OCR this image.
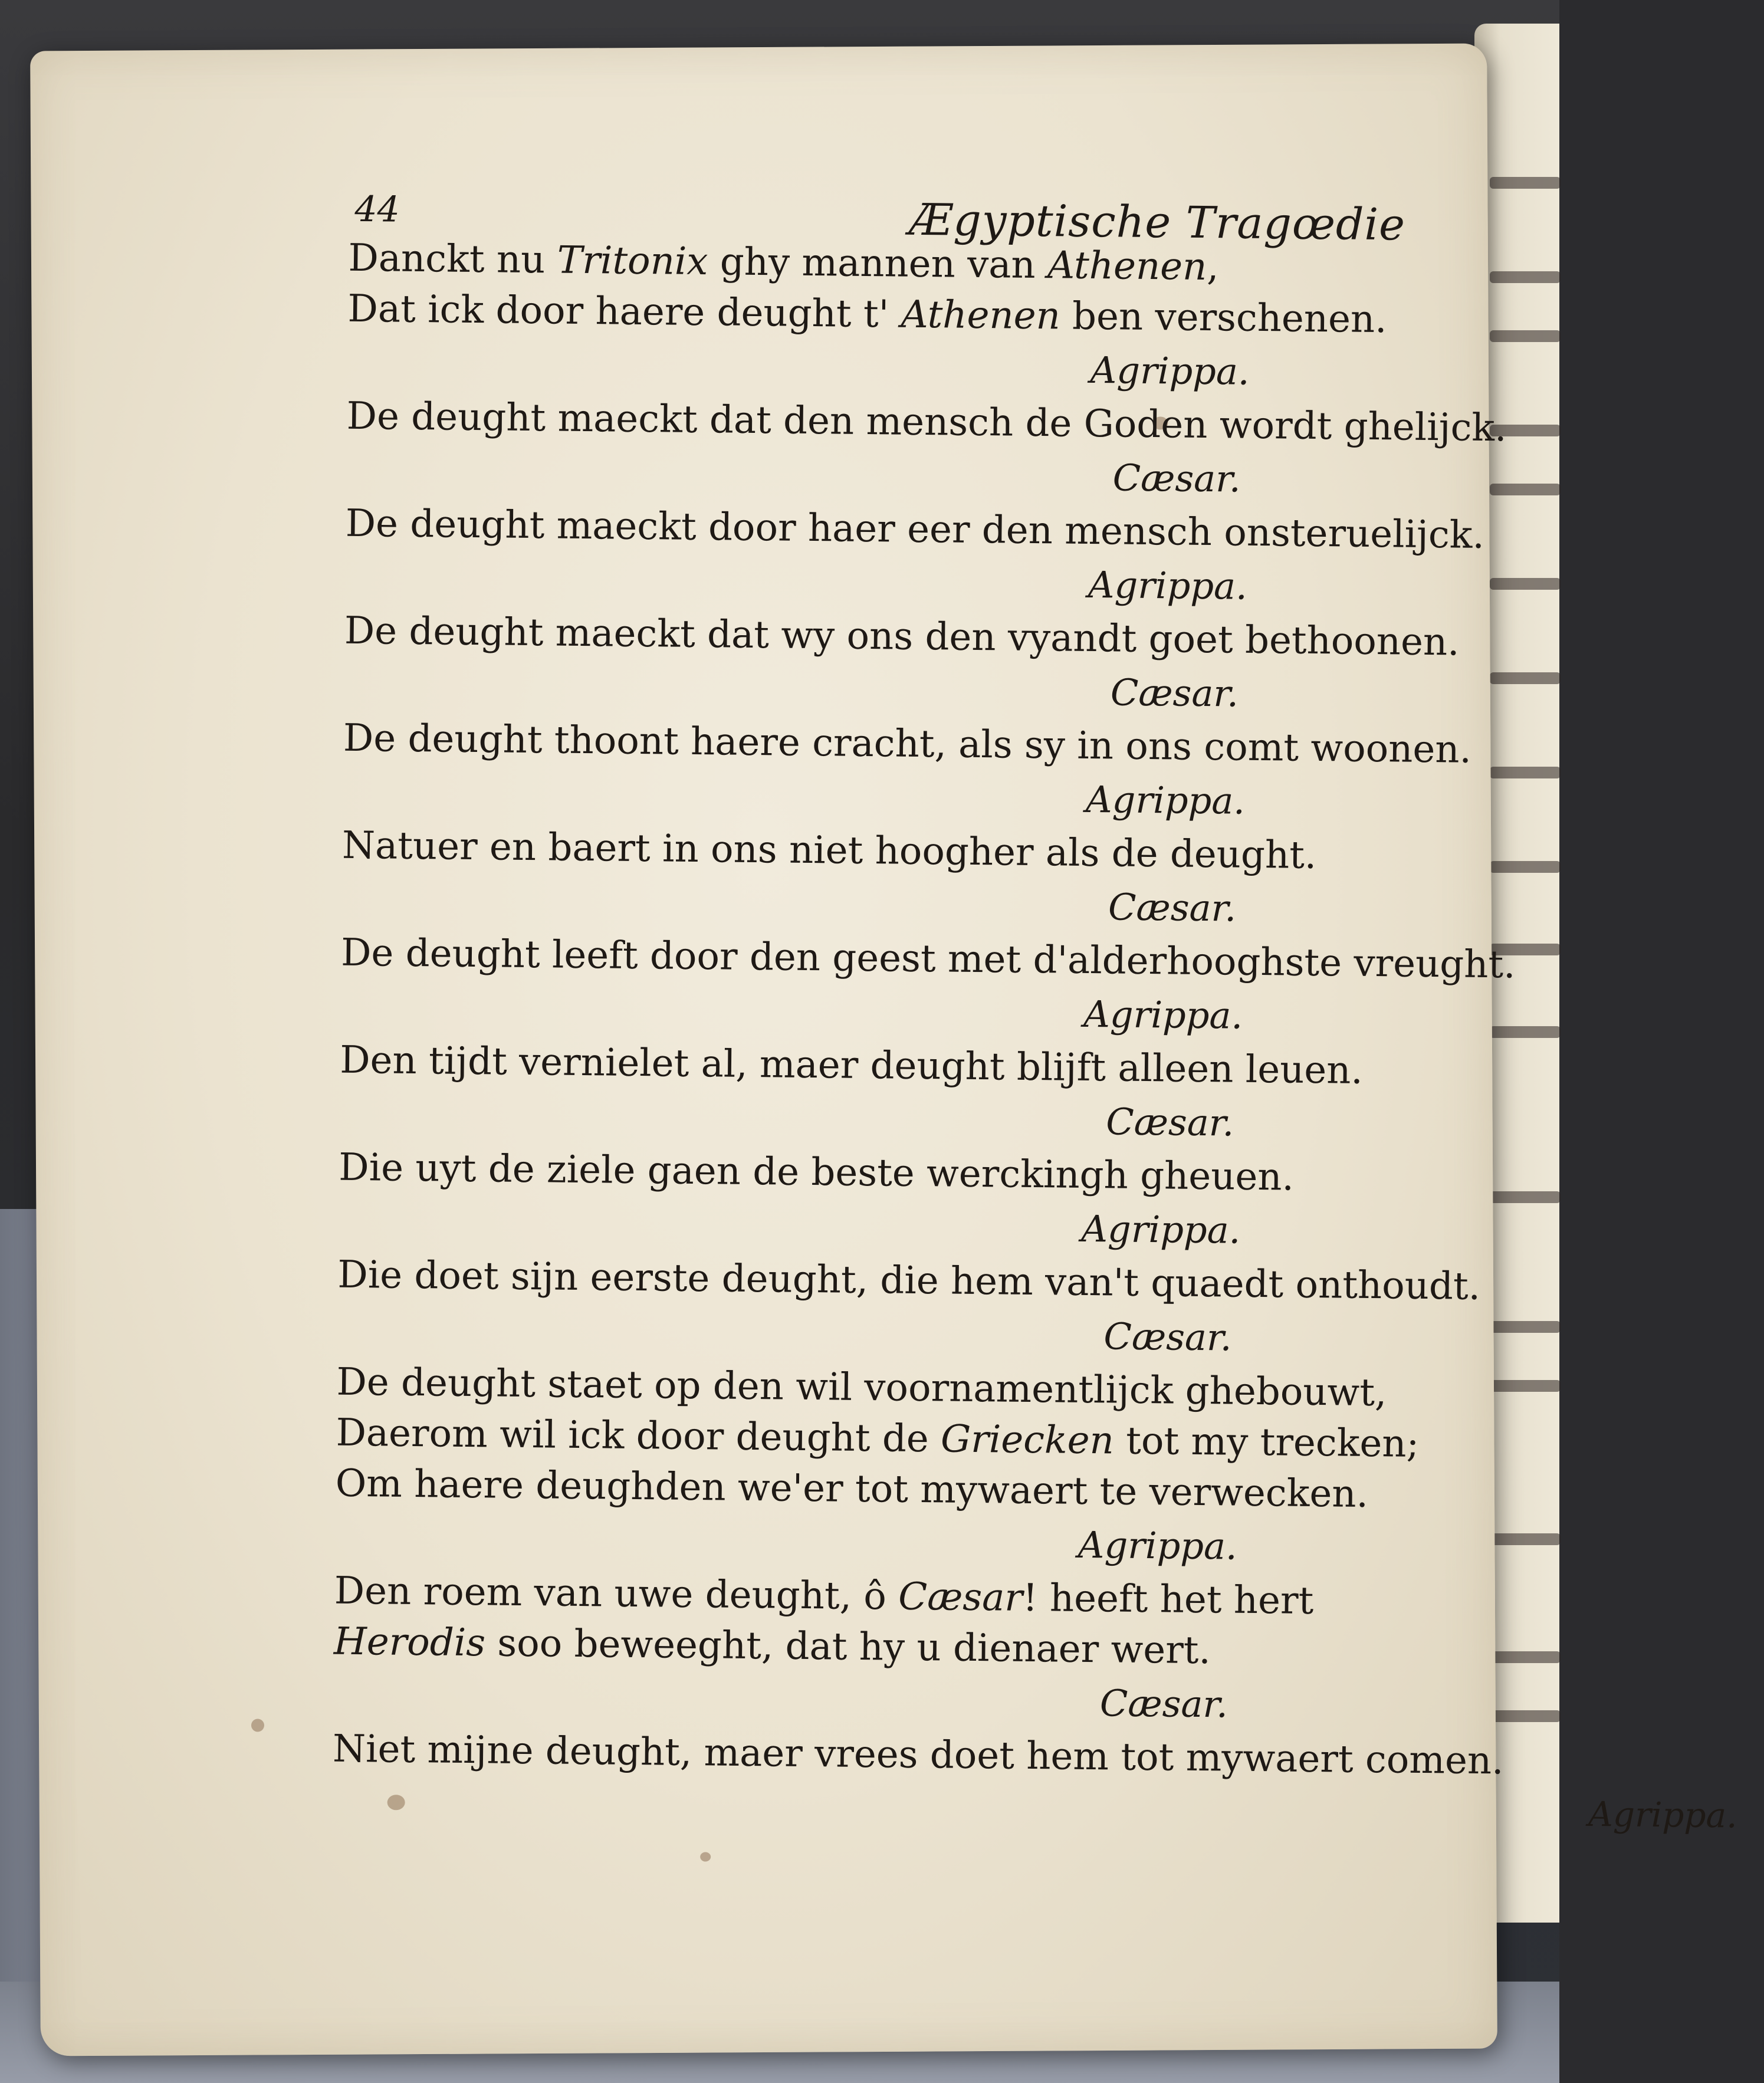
44	Ægyptische Tragœdie
Danckt nu Tritonix ghy mannen van Athenen,
Dat ick door haere deught t' Athenen ben verschenen.
Agrippa.
De deught maeckt dat den mensch de Goden wordt ghelijck.
Cæsar.
De deught maeckt door haer eer den mensch onsteruelijck.
Agrippa.
De deught maeckt dat wy ons den vyandt goet bethoonen.
Cæsar.
De deught thoont haere cracht, als sy in ons comt woonen.
Agrippa.
Natuer en baert in ons niet hoogher als de deught.
Cæsar.
De deught leeft door den geest met d'alderhooghste vreught.
Agrippa.
Den tijdt vernielet al, maer deught blijft alleen leuen.
Cæsar.
Die uyt de ziele gaen de beste werckingh gheuen.
Agrippa.
Die doet sijn eerste deught, die hem van't quaedt onthoudt.
Cæsar.
De deught staet op den wil voornamentlijck ghebouwt,
Daerom wil ick door deught de Griecken tot my trecken;
Om haere deughden we'er tot mywaert te verwecken.
Agrippa.
Den roem van uwe deught, ô Cæsar! heeft het hert
Herodis soo beweeght, dat hy u dienaer wert.
Cæsar.
Niet mijne deught, maer vrees doet hem tot mywaert comen.
Agrippa.
